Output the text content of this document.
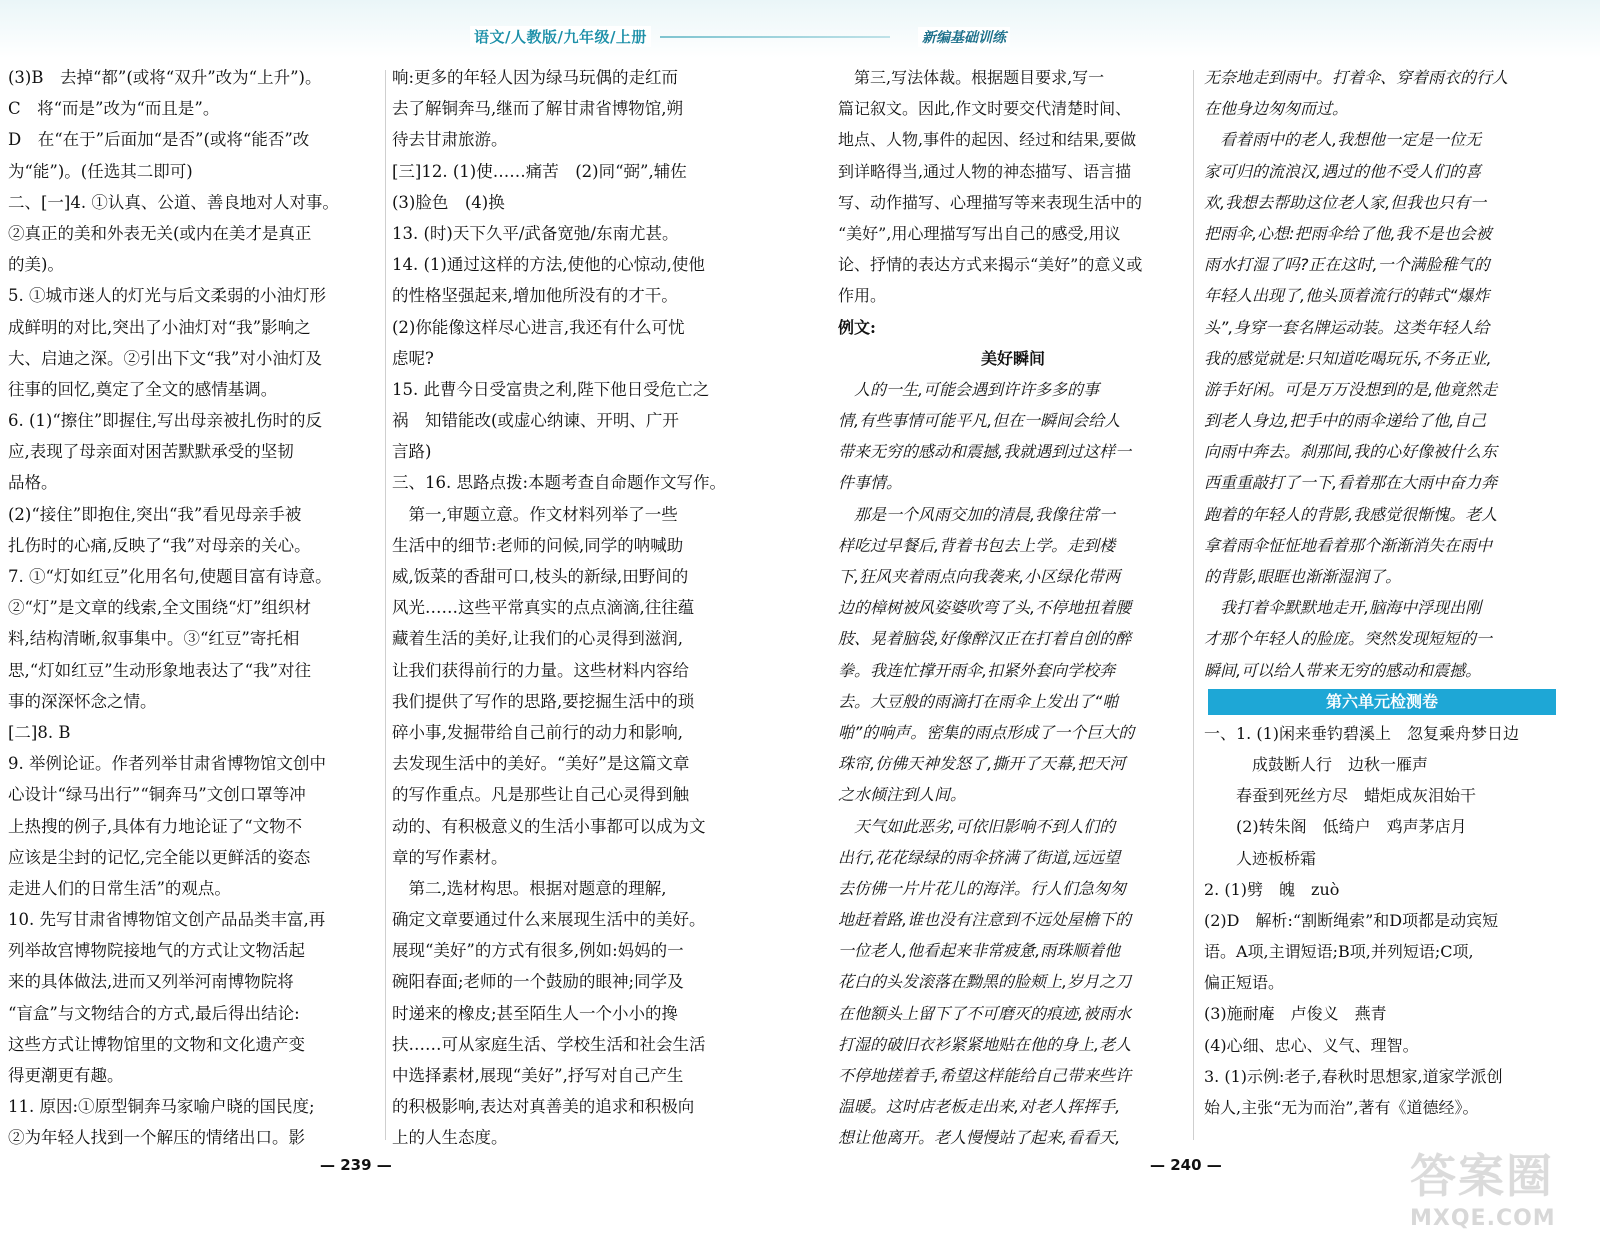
语文/人教版/九年级/上册	新编基础训练
(3)B　去掉“都”(或将“双升”改为“上升”)。
C　将“而是”改为“而且是”。
D　在“在于”后面加“是否”(或将“能否”改
为“能”)。(任选其二即可)
二、[一]4. ①认真、公道、善良地对人对事。
②真正的美和外表无关(或内在美才是真正
的美)。
5. ①城市迷人的灯光与后文柔弱的小油灯形
成鲜明的对比,突出了小油灯对“我”影响之
大、启迪之深。②引出下文“我”对小油灯及
往事的回忆,奠定了全文的感情基调。
6. (1)“擦住”即握住,写出母亲被扎伤时的反
应,表现了母亲面对困苦默默承受的坚韧
品格。
(2)“接住”即抱住,突出“我”看见母亲手被
扎伤时的心痛,反映了“我”对母亲的关心。
7. ①“灯如红豆”化用名句,使题目富有诗意。
②“灯”是文章的线索,全文围绕“灯”组织材
料,结构清晰,叙事集中。③“红豆”寄托相
思,“灯如红豆”生动形象地表达了“我”对往
事的深深怀念之情。
[二]8. B
9. 举例论证。作者列举甘肃省博物馆文创中
心设计“绿马出行”“铜奔马”文创口罩等冲
上热搜的例子,具体有力地论证了“文物不
应该是尘封的记忆,完全能以更鲜活的姿态
走进人们的日常生活”的观点。
10. 先写甘肃省博物馆文创产品品类丰富,再
列举故宫博物院接地气的方式让文物活起
来的具体做法,进而又列举河南博物院将
“盲盒”与文物结合的方式,最后得出结论:
这些方式让博物馆里的文物和文化遗产变
得更潮更有趣。
11. 原因:①原型铜奔马家喻户晓的国民度;
②为年轻人找到一个解压的情绪出口。影
响:更多的年轻人因为绿马玩偶的走红而
去了解铜奔马,继而了解甘肃省博物馆,朔
待去甘肃旅游。
[三]12. (1)使……痛苦　(2)同“弼”,辅佐
(3)脸色　(4)换
13. (时)天下久平/武备宽弛/东南尤甚。
14. (1)通过这样的方法,使他的心惊动,使他
的性格坚强起来,增加他所没有的才干。
(2)你能像这样尽心进言,我还有什么可忧
虑呢?
15. 此曹今日受富贵之利,陛下他日受危亡之
祸　知错能改(或虚心纳谏、开明、广开
言路)
三、16. 思路点拨:本题考查自命题作文写作。
　第一,审题立意。作文材料列举了一些
生活中的细节:老师的问候,同学的呐喊助
威,饭菜的香甜可口,枝头的新绿,田野间的
风光……这些平常真实的点点滴滴,往往蕴
藏着生活的美好,让我们的心灵得到滋润,
让我们获得前行的力量。这些材料内容给
我们提供了写作的思路,要挖掘生活中的琐
碎小事,发掘带给自己前行的动力和影响,
去发现生活中的美好。“美好”是这篇文章
的写作重点。凡是那些让自己心灵得到触
动的、有积极意义的生活小事都可以成为文
章的写作素材。
　第二,选材构思。根据对题意的理解,
确定文章要通过什么来展现生活中的美好。
展现“美好”的方式有很多,例如:妈妈的一
碗阳春面;老师的一个鼓励的眼神;同学及
时递来的橡皮;甚至陌生人一个小小的搀
扶……可从家庭生活、学校生活和社会生活
中选择素材,展现“美好”,抒写对自己产生
的积极影响,表达对真善美的追求和积极向
上的人生态度。
　第三,写法体裁。根据题目要求,写一
篇记叙文。因此,作文时要交代清楚时间、
地点、人物,事件的起因、经过和结果,要做
到详略得当,通过人物的神态描写、语言描
写、动作描写、心理描写等来表现生活中的
“美好”,用心理描写写出自己的感受,用议
论、抒情的表达方式来揭示“美好”的意义或
作用。
例文:
美好瞬间
　人的一生,可能会遇到许许多多的事
情,有些事情可能平凡,但在一瞬间会给人
带来无穷的感动和震撼,我就遇到过这样一
件事情。
　那是一个风雨交加的清晨,我像往常一
样吃过早餐后,背着书包去上学。走到楼
下,狂风夹着雨点向我袭来,小区绿化带两
边的樟树被风姿婆吹弯了头,不停地扭着腰
肢、晃着脑袋,好像醉汉正在打着自创的醉
拳。我连忙撑开雨伞,扣紧外套向学校奔
去。大豆般的雨滴打在雨伞上发出了“啪
啪”的响声。密集的雨点形成了一个巨大的
珠帘,仿佛天神发怒了,撕开了天幕,把天河
之水倾注到人间。
　天气如此恶劣,可依旧影响不到人们的
出行,花花绿绿的雨伞挤满了街道,远远望
去仿佛一片片花儿的海洋。行人们急匆匆
地赶着路,谁也没有注意到不远处屋檐下的
一位老人,他看起来非常疲惫,雨珠顺着他
花白的头发滚落在黝黑的脸颊上,岁月之刀
在他额头上留下了不可磨灭的痕迹,被雨水
打湿的破旧衣衫紧紧地贴在他的身上,老人
不停地搓着手,希望这样能给自己带来些许
温暖。这时店老板走出来,对老人挥挥手,
想让他离开。老人慢慢站了起来,看看天,
无奈地走到雨中。打着伞、穿着雨衣的行人
在他身边匆匆而过。
　看着雨中的老人,我想他一定是一位无
家可归的流浪汉,遇过的他不受人们的喜
欢,我想去帮助这位老人家,但我也只有一
把雨伞,心想:把雨伞给了他,我不是也会被
雨水打湿了吗?正在这时,一个满脸稚气的
年轻人出现了,他头顶着流行的韩式“爆炸
头”,身穿一套名牌运动装。这类年轻人给
我的感觉就是:只知道吃喝玩乐,不务正业,
游手好闲。可是万万没想到的是,他竟然走
到老人身边,把手中的雨伞递给了他,自己
向雨中奔去。刹那间,我的心好像被什么东
西重重敲打了一下,看着那在大雨中奋力奔
跑着的年轻人的背影,我感觉很惭愧。老人
拿着雨伞怔怔地看着那个渐渐消失在雨中
的背影,眼眶也渐渐湿润了。
　我打着伞默默地走开,脑海中浮现出刚
才那个年轻人的脸庞。突然发现短短的一
瞬间,可以给人带来无穷的感动和震撼。
第六单元检测卷
一、1. (1)闲来垂钓碧溪上　忽复乘舟梦日边
　　　成鼓断人行　边秋一雁声
　　春蚕到死丝方尽　蜡炬成灰泪始干
　　(2)转朱阁　低绮户　鸡声茅店月
　　人迹板桥霜
2. (1)劈　魄　zuò
(2)D　解析:“割断绳索”和D项都是动宾短
语。A项,主谓短语;B项,并列短语;C项,
偏正短语。
(3)施耐庵　卢俊义　燕青
(4)心细、忠心、义气、理智。
3. (1)示例:老子,春秋时思想家,道家学派创
始人,主张“无为而治”,著有《道德经》。
— 239 —	— 240 —	答案圈
MXQE.COM
